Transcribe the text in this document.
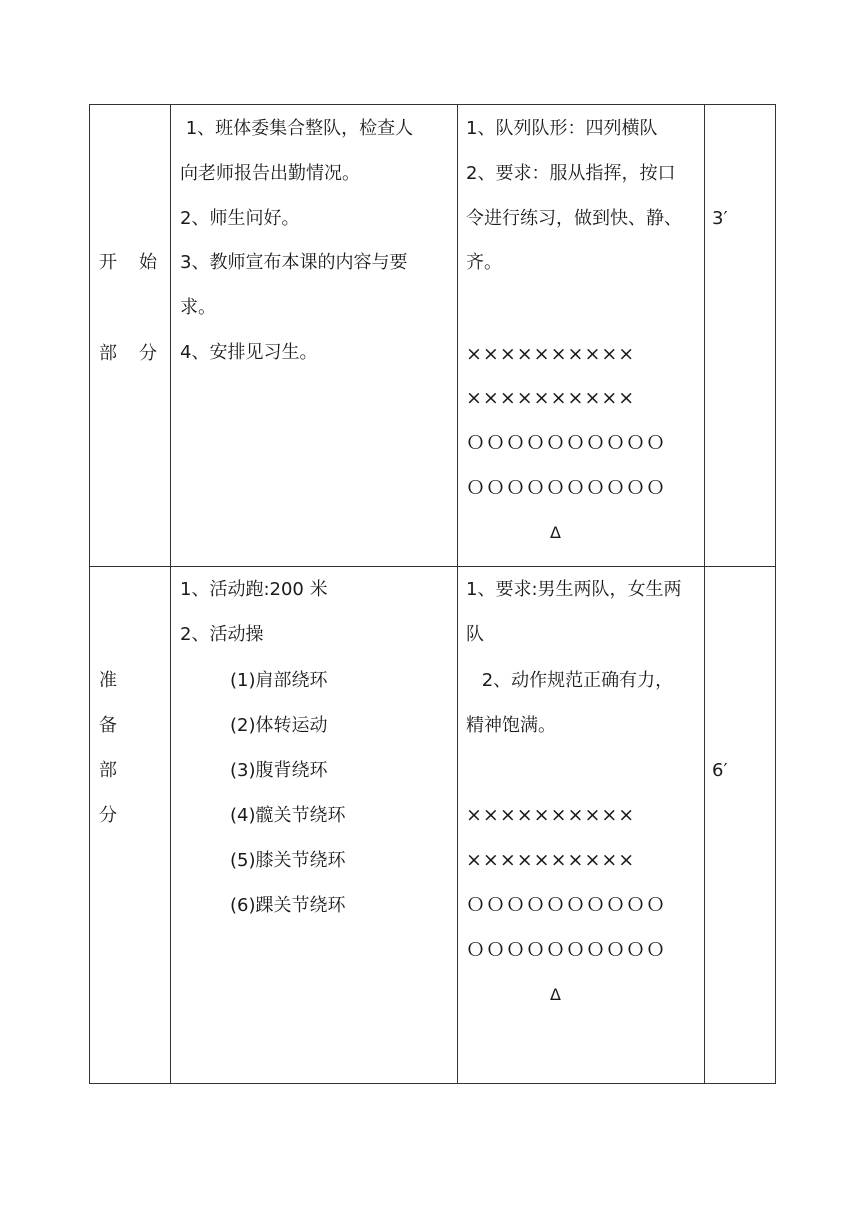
开 始
部 分
1、班体委集合整队，检查人
向老师报告出勤情况。
2、师生问好。
3、教师宣布本课的内容与要
求。
4、安排见习生。
1、队列队形：四列横队
2、要求：服从指挥，按口
令进行练习，做到快、静、
齐。
××××××××××
××××××××××
ＯＯＯＯＯＯＯＯＯＯ
ＯＯＯＯＯＯＯＯＯＯ
Δ
3′
准
备
部
分
1、活动跑:200 米
2、活动操
(1)肩部绕环
(2)体转运动
(3)腹背绕环
(4)髋关节绕环
(5)膝关节绕环
(6)踝关节绕环
1、要求:男生两队，女生两
队
2、动作规范正确有力，
精神饱满。
××××××××××
××××××××××
ＯＯＯＯＯＯＯＯＯＯ
ＯＯＯＯＯＯＯＯＯＯ
Δ
6′
